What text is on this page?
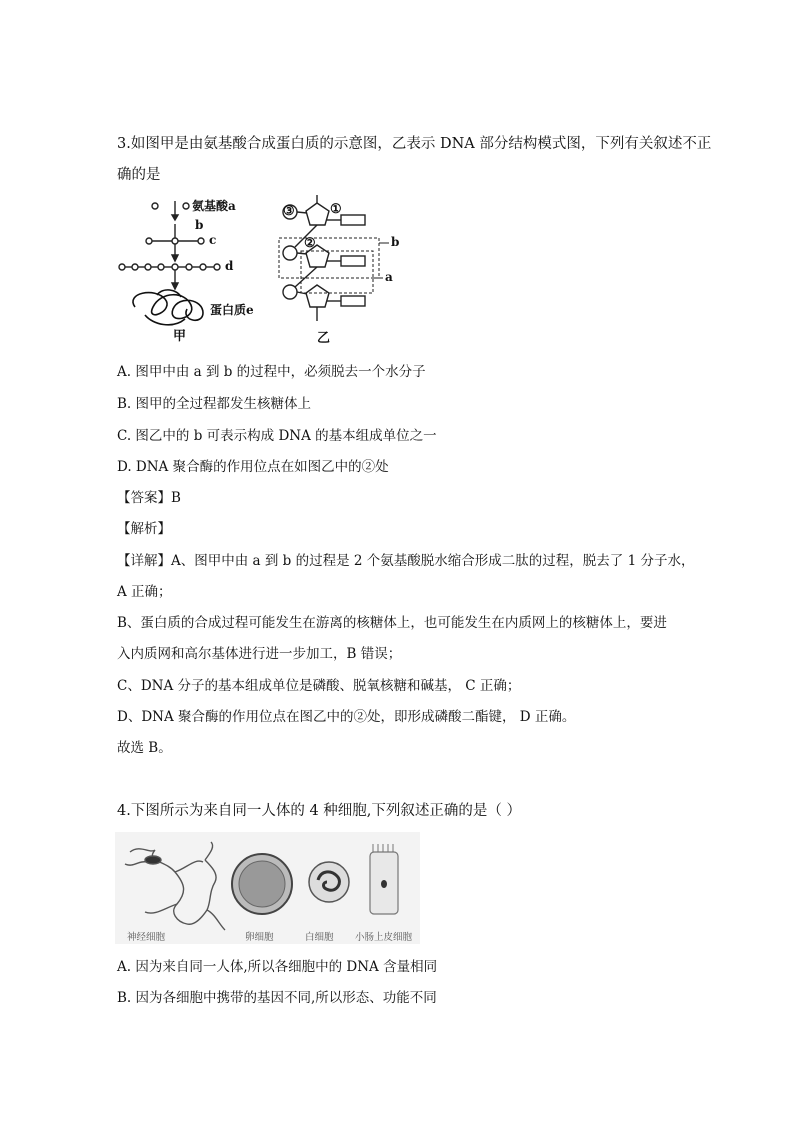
3.如图甲是由氨基酸合成蛋白质的示意图，乙表示 DNA 部分结构模式图，下列有关叙述不正
确的是
氨基酸a
b
c
d
蛋白质e
甲
③	①
②	b
a
乙
A. 图甲中由 a 到 b 的过程中，必须脱去一个水分子
B. 图甲的全过程都发生核糖体上
C. 图乙中的 b 可表示构成 DNA 的基本组成单位之一
D. DNA 聚合酶的作用位点在如图乙中的②处
【答案】B
【解析】
【详解】A、图甲中由 a 到 b 的过程是 2 个氨基酸脱水缩合形成二肽的过程，脱去了 1 分子水，
A 正确；
B、蛋白质的合成过程可能发生在游离的核糖体上，也可能发生在内质网上的核糖体上，要进
入内质网和高尔基体进行进一步加工，B 错误；
C、DNA 分子的基本组成单位是磷酸、脱氧核糖和碱基， C 正确；
D、DNA 聚合酶的作用位点在图乙中的②处，即形成磷酸二酯键， D 正确。
故选 B。
4.下图所示为来自同一人体的 4 种细胞,下列叙述正确的是（ ）
神经细胞	卵细胞	白细胞 小肠上皮细胞
A. 因为来自同一人体,所以各细胞中的 DNA 含量相同
B. 因为各细胞中携带的基因不同,所以形态、功能不同
